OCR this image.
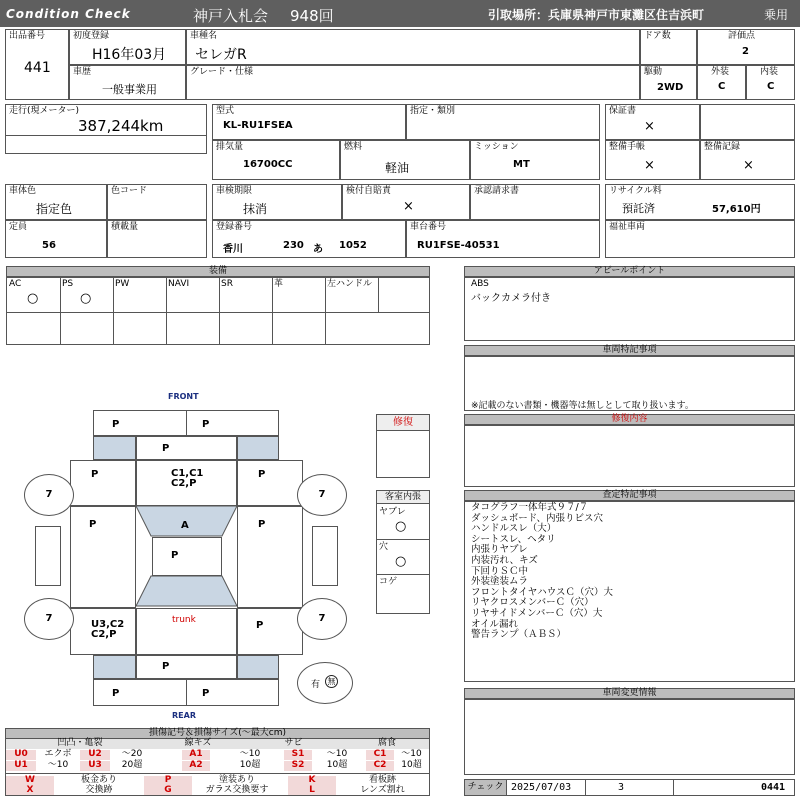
Condition Check	神戸入札会 948回	引取場所：兵庫県神戸市東灘区住吉浜町	乗用
出品番号
441
初度登録
H16年03月
車種名
セレガR
ドア数	評価点
2
車歴
一般事業用
グレード・仕様	駆動
2WD
外装
C
内装
C
走行(現メーター)
387,244km
型式
KL-RU1FSEA
指定・類別	保証書
×
排気量
16700CC
燃料
軽油
ミッション
MT
整備手帳
×
整備記録
×
車体色
指定色
色コード	車検期限
抹消
検付自賠責
×
承認請求書	リサイクル料
預託済	57,610円
定員
56
積載量	登録番号
香川	230 あ 1052
車台番号
RU1FSE-40531
福祉車両
装備
AC	PS	PW	NAVI	SR	革	左ハンドル
○	○
アピールポイント
ABS
バックカメラ付き
車両特記事項
※記載のない書類・機器等は無しとして取り扱います。
修復内容
査定特記事項
タコグラフ一体年式９７/７
ダッシュボード、内張りビス穴
ハンドルスレ（大）
シートスレ、ヘタリ
内張りヤブレ
内装汚れ、キズ
下回りＳＣ中
外装塗装ムラ
フロントタイヤハウスＣ（穴）大
リヤクロスメンバーＣ（穴）
リヤサイドメンバーＣ（穴）大
オイル漏れ
警告ランプ（ＡＢＳ）
車両変更情報
チェック 2025/07/03	3	0441
FRONT
REAR
P	P
P
P	C1,C1
C2,P
P
P	P
A
P
U3,C2
C2,P
trunk	P
P
P	P
7	7
7	7
有 無
修復
客室内張
ヤブレ
○
穴
○
コゲ
損傷記号＆損傷サイズ(～最大cm)
凹凸・亀裂	線キズ	サビ	腐食
U0	エクボ	U2	～20	A1	～10	S1	～10	C1	～10
U1	～10	U3	20超	A2	10超	S2	10超	C2	10超
W	板金あり	P	塗装あり	K	看板跡
X	交換跡	G	ガラス交換要す	L	レンズ割れ
